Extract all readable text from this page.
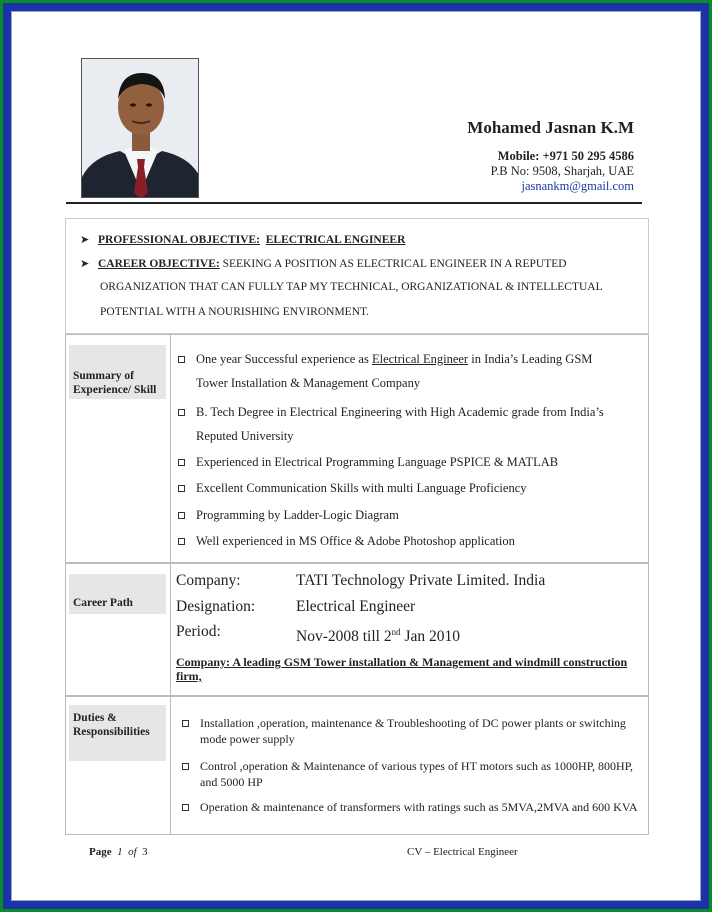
Mohamed Jasnan K.M
Mobile: +971 50 295 4586
P.B No: 9508, Sharjah, UAE
jasnankm@gmail.com
➤ PROFESSIONAL OBJECTIVE: ELECTRICAL ENGINEER
➤ CAREER OBJECTIVE: SEEKING A POSITION AS ELECTRICAL ENGINEER IN A REPUTED
ORGANIZATION THAT CAN FULLY TAP MY TECHNICAL, ORGANIZATIONAL & INTELLECTUAL
POTENTIAL WITH A NOURISHING ENVIRONMENT.
Summary of Experience/ Skill
One year Successful experience as Electrical Engineer in India’s Leading GSM
Tower Installation & Management Company
B. Tech Degree in Electrical Engineering with High Academic grade from India’s
Reputed University
Experienced in Electrical Programming Language PSPICE & MATLAB
Excellent Communication Skills with multi Language Proficiency
Programming by Ladder-Logic Diagram
Well experienced in MS Office & Adobe Photoshop application
Career Path
Company:	TATI Technology Private Limited. India
Designation:	Electrical Engineer
Period:	Nov-2008 till 2nd Jan 2010
Company: A leading GSM Tower installation & Management and windmill construction firm,
Duties & Responsibilities
Installation ,operation, maintenance & Troubleshooting of DC power plants or switching mode power supply
Control ,operation & Maintenance of various types of HT motors such as 1000HP, 800HP, and 5000 HP
Operation & maintenance of transformers with ratings such as 5MVA,2MVA and 600 KVA
Page 1 of 3	CV – Electrical Engineer
